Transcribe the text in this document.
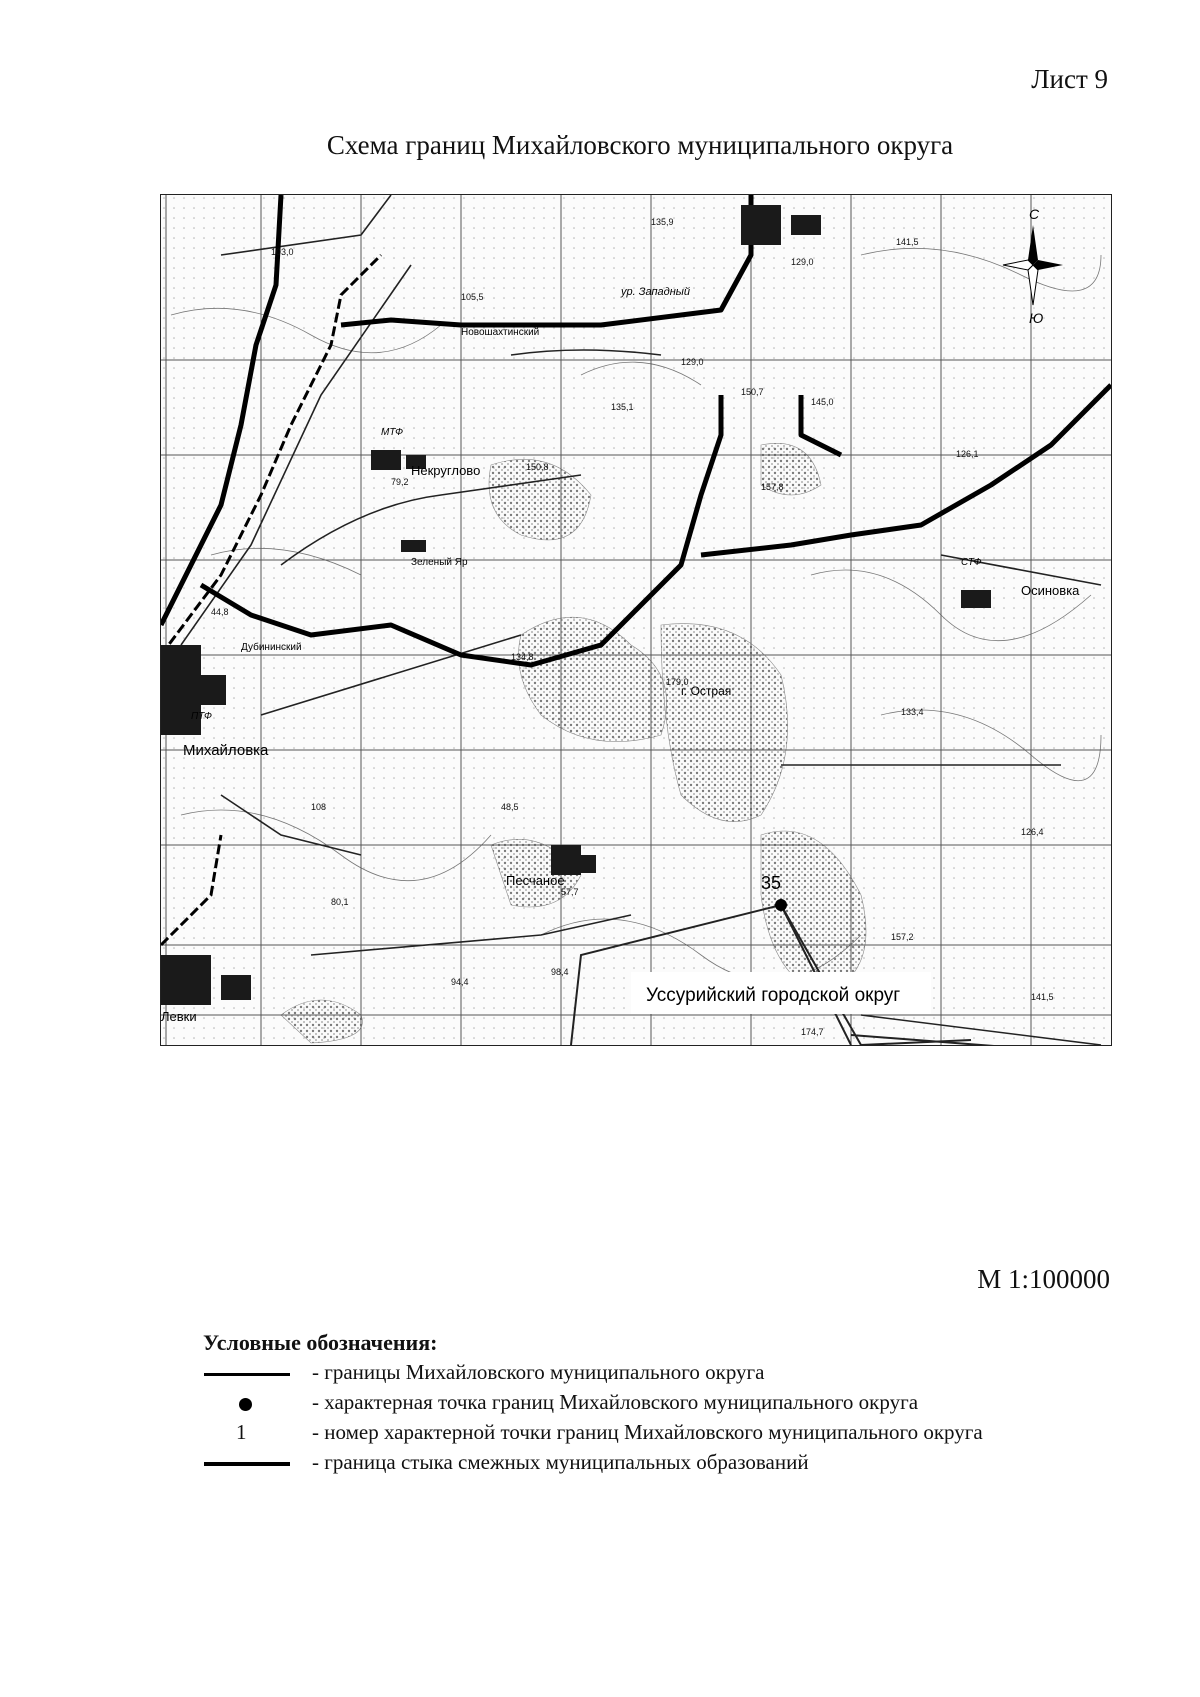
Лист 9
Схема границ Михайловского муниципального округа
35
Некруглово
Михайловка
Песчаное
Осиновка
Зеленый Яр
Дубининский
Новошахтинский
ур. Западный
Левки
г. Острая
МТФ
ПТФ
СТФ
135,9
129,0
141,5
145,0
126,1
157,8
150,8
135,1
129,0
150,7
179,0
133,4
126,4
157,2
141,5
174,7
94,4
98,4
80,1
57,7
48,5
44,8
79,2
108
103,0
105,5
134,8
С
Ю
Уссурийский городской округ
М 1:100000
Условные обозначения:
- границы Михайловского муниципального округа
- характерная точка границ Михайловского муниципального округа
1	- номер характерной точки границ Михайловского муниципального округа
- граница стыка смежных муниципальных образований
